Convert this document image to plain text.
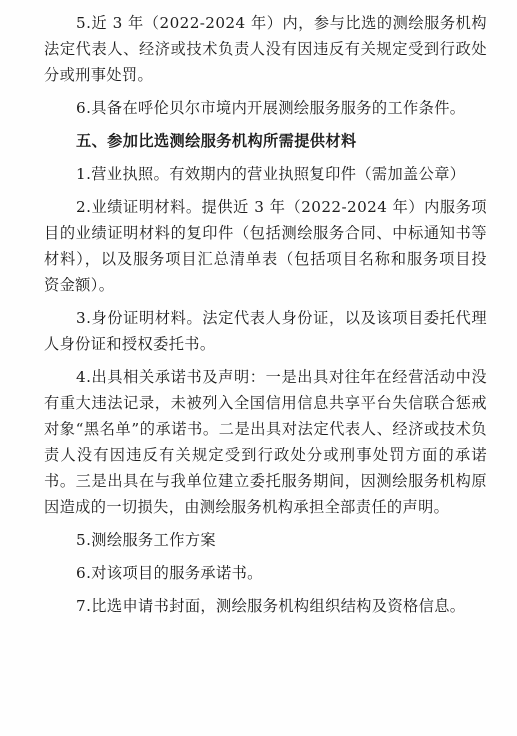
5.近 3 年（2022-2024 年）内，参与比选的测绘服务机构法定代表人、经济或技术负责人没有因违反有关规定受到行政处分或刑事处罚。

6.具备在呼伦贝尔市境内开展测绘服务服务的工作条件。

五、参加比选测绘服务机构所需提供材料

1.营业执照。有效期内的营业执照复印件（需加盖公章）

2.业绩证明材料。提供近 3 年（2022-2024 年）内服务项目的业绩证明材料的复印件（包括测绘服务合同、中标通知书等材料），以及服务项目汇总清单表（包括项目名称和服务项目投资金额）。

3.身份证明材料。法定代表人身份证，以及该项目委托代理人身份证和授权委托书。

4.出具相关承诺书及声明：一是出具对往年在经营活动中没有重大违法记录，未被列入全国信用信息共享平台失信联合惩戒对象“黑名单”的承诺书。二是出具对法定代表人、经济或技术负责人没有因违反有关规定受到行政处分或刑事处罚方面的承诺书。三是出具在与我单位建立委托服务期间，因测绘服务机构原因造成的一切损失，由测绘服务机构承担全部责任的声明。

5.测绘服务工作方案

6.对该项目的服务承诺书。

7.比选申请书封面，测绘服务机构组织结构及资格信息。
